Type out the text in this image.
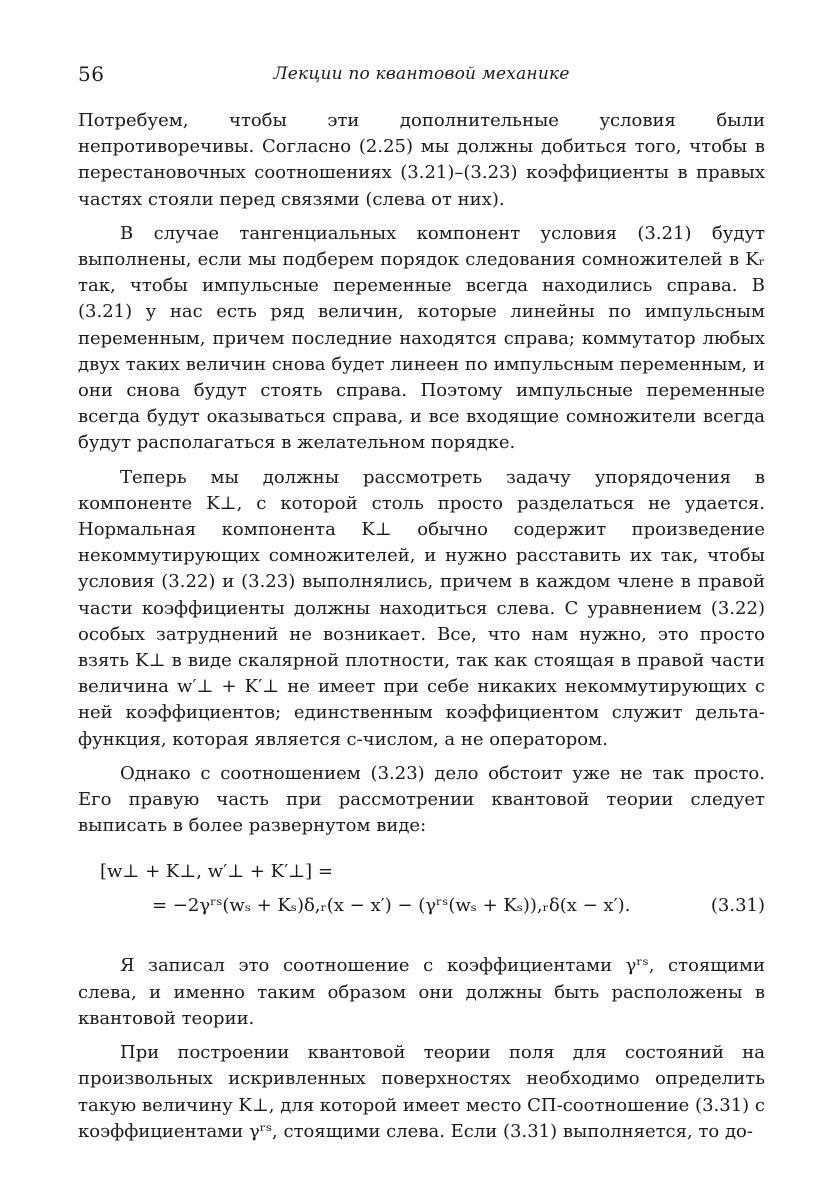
56	Лекции по квантовой механике

Потребуем, чтобы эти дополнительные условия были непротиворечивы. Согласно (2.25) мы должны добиться того, чтобы в перестановочных соотношениях (3.21)–(3.23) коэффициенты в правых частях стояли перед связями (слева от них).

В случае тангенциальных компонент условия (3.21) будут выполнены, если мы подберем порядок следования сомножителей в Kᵣ так, чтобы импульсные переменные всегда находились справа. В (3.21) у нас есть ряд величин, которые линейны по импульсным переменным, причем последние находятся справа; коммутатор любых двух таких величин снова будет линеен по импульсным переменным, и они снова будут стоять справа. Поэтому импульсные переменные всегда будут оказываться справа, и все входящие сомножители всегда будут располагаться в желательном порядке.

Теперь мы должны рассмотреть задачу упорядочения в компоненте K⊥, с которой столь просто разделаться не удается. Нормальная компонента K⊥ обычно содержит произведение некоммутирующих сомножителей, и нужно расставить их так, чтобы условия (3.22) и (3.23) выполнялись, причем в каждом члене в правой части коэффициенты должны находиться слева. С уравнением (3.22) особых затруднений не возникает. Все, что нам нужно, это просто взять K⊥ в виде скалярной плотности, так как стоящая в правой части величина w′⊥ + K′⊥ не имеет при себе никаких некоммутирующих с ней коэффициентов; единственным коэффициентом служит дельта-функция, которая является c-числом, а не оператором.

Однако с соотношением (3.23) дело обстоит уже не так просто. Его правую часть при рассмотрении квантовой теории следует выписать в более развернутом виде:

[w⊥ + K⊥, w′⊥ + K′⊥] =
= −2γʳˢ(wₛ + Kₛ)δ,ᵣ(x − x′) − (γʳˢ(wₛ + Kₛ)),ᵣδ(x − x′).	(3.31)

Я записал это соотношение с коэффициентами γʳˢ, стоящими слева, и именно таким образом они должны быть расположены в квантовой теории.

При построении квантовой теории поля для состояний на произвольных искривленных поверхностях необходимо определить такую величину K⊥, для которой имеет место СП-соотношение (3.31) с коэффициентами γʳˢ, стоящими слева. Если (3.31) выполняется, то до-
